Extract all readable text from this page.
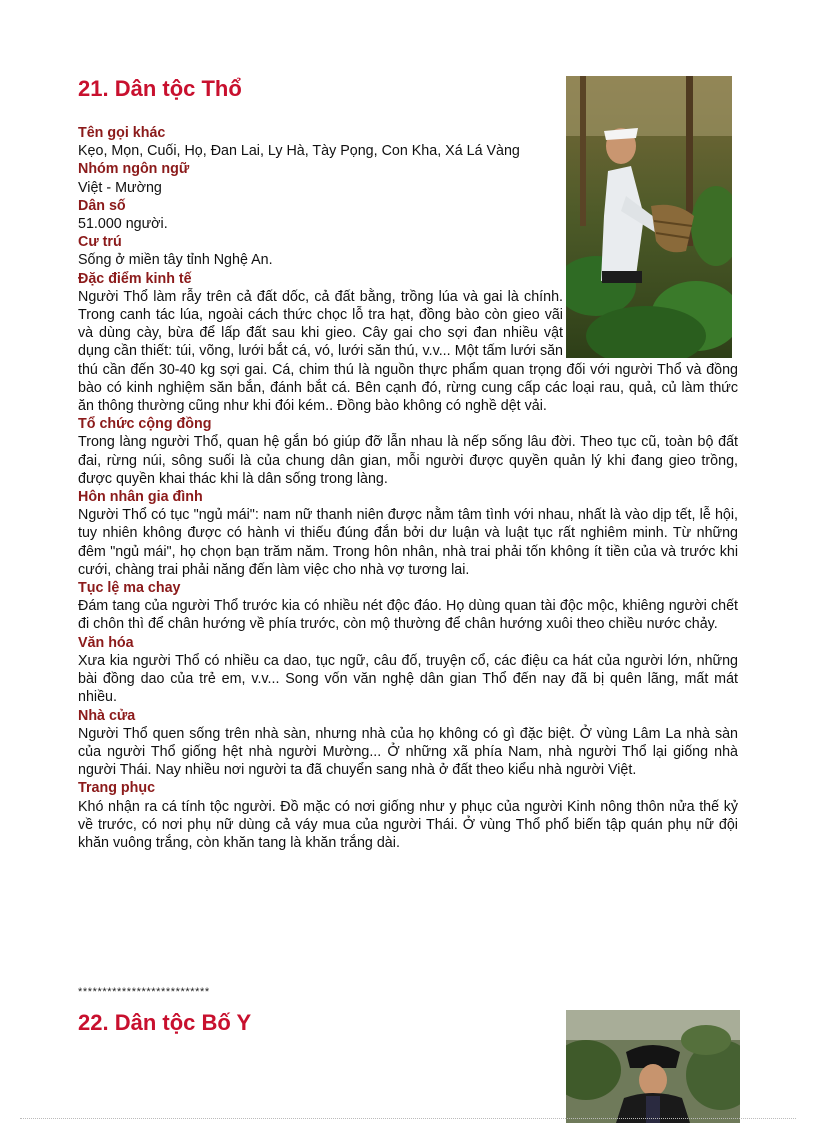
21. Dân tộc Thổ

Tên gọi khác

Kẹo, Mọn, Cuối, Họ, Đan Lai, Ly Hà, Tày Pọng, Con Kha, Xá Lá Vàng

Nhóm ngôn ngữ

Việt - Mường

Dân số

51.000 người.

Cư trú

Sống ở miền tây tỉnh Nghệ An.

Đặc điểm kinh tế

Người Thổ làm rẫy trên cả đất dốc, cả đất bằng, trồng lúa và gai là chính. Trong canh tác lúa, ngoài cách thức chọc lỗ tra hạt, đồng bào còn gieo vãi và dùng cày, bừa để lấp đất sau khi gieo. Cây gai cho sợi đan nhiều vật dụng cần thiết: túi, võng, lưới bắt cá, vó, lưới săn thú, v.v... Một tấm lưới săn thú cần đến 30-40 kg sợi gai. Cá, chim thú là nguồn thực phẩm quan trọng đối với người Thổ và đồng bào có kinh nghiệm săn bắn, đánh bắt cá. Bên cạnh đó, rừng cung cấp các loại rau, quả, củ làm thức ăn thông thường cũng như khi đói kém.. Đồng bào không có nghề dệt vải.

Tổ chức cộng đồng

Trong làng người Thổ, quan hệ gắn bó giúp đỡ lẫn nhau là nếp sống lâu đời. Theo tục cũ, toàn bộ đất đai, rừng núi, sông suối là của chung dân gian, mỗi người được quyền quản lý khi đang gieo trồng, được quyền khai thác khi là dân sống trong làng.

Hôn nhân gia đình

Người Thổ có tục "ngủ mái": nam nữ thanh niên được nằm tâm tình với nhau, nhất là vào dịp tết, lễ hội, tuy nhiên không được có hành vi thiếu đúng đắn bởi dư luận và luật tục rất nghiêm minh. Từ những đêm "ngủ mái", họ chọn bạn trăm năm. Trong hôn nhân, nhà trai phải tốn không ít tiền của và trước khi cưới, chàng trai phải năng đến làm việc cho nhà vợ tương lai.

Tục lệ ma chay

Đám tang của người Thổ trước kia có nhiều nét độc đáo. Họ dùng quan tài độc mộc, khiêng người chết đi chôn thì để chân hướng về phía trước, còn mộ thường để chân hướng xuôi theo chiều nước chảy.

Văn hóa

Xưa kia người Thổ có nhiều ca dao, tục ngữ, câu đố, truyện cổ, các điệu ca hát của người lớn, những bài đồng dao của trẻ em, v.v... Song vốn văn nghệ dân gian Thổ đến nay đã bị quên lãng, mất mát nhiều.

Nhà cửa

Người Thổ quen sống trên nhà sàn, nhưng nhà của họ không có gì đặc biệt. Ở vùng Lâm La nhà sàn của người Thổ giống hệt nhà người Mường... Ở những xã phía Nam, nhà người Thổ lại giống nhà người Thái. Nay nhiều nơi người ta đã chuyển sang nhà ở đất theo kiểu nhà người Việt.

Trang phục

Khó nhận ra cá tính tộc người. Đồ mặc có nơi giống như y phục của người Kinh nông thôn nửa thế kỷ về trước, có nơi phụ nữ dùng cả váy mua của người Thái. Ở vùng Thổ phổ biến tập quán phụ nữ đội khăn vuông trắng, còn khăn tang là khăn trắng dài.

***************************
22. Dân tộc Bố Y
